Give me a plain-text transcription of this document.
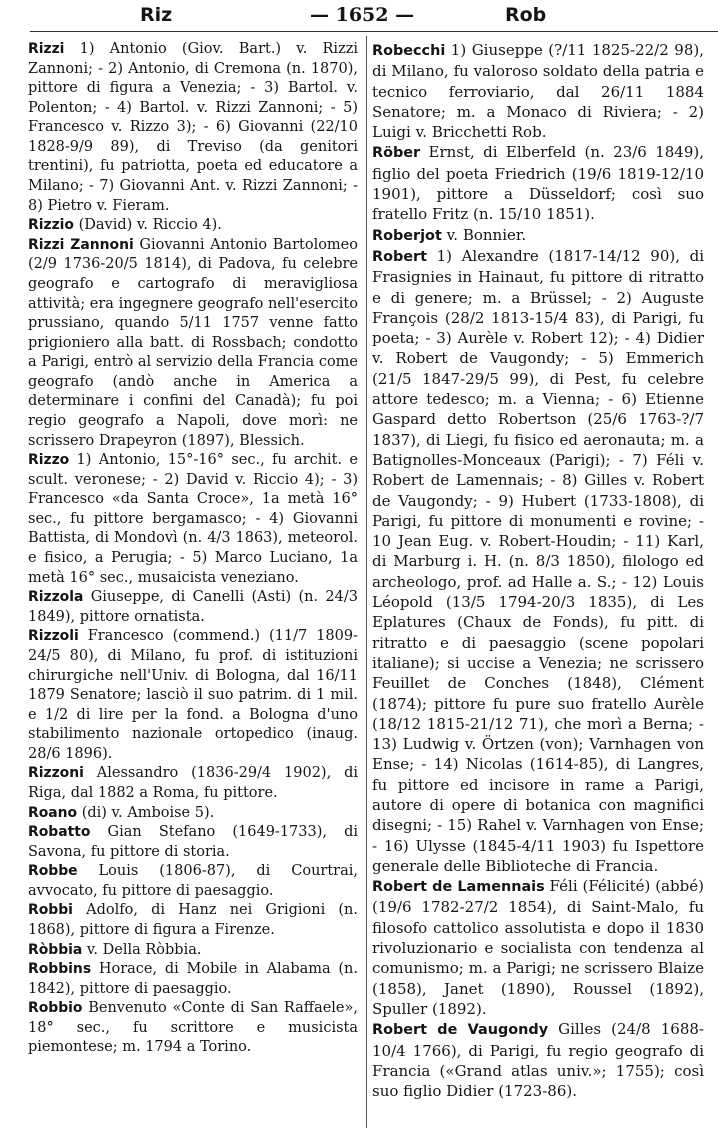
Riz	— 1652 —	Rob

Rizzi 1) Antonio (Giov. Bart.) v. Rizzi Zannoni; - 2) Antonio, di Cremona (n. 1870), pittore di figura a Venezia; - 3) Bartol. v. Polenton; - 4) Bartol. v. Rizzi Zannoni; - 5) Francesco v. Rizzo 3); - 6) Giovanni (22/10 1828-9/9 89), di Treviso (da genitori trentini), fu patriotta, poeta ed educatore a Milano; - 7) Giovanni Ant. v. Rizzi Zannoni; - 8) Pietro v. Fieram.

Rizzio (David) v. Riccio 4).

Rizzi Zannoni Giovanni Antonio Bartolomeo (2/9 1736-20/5 1814), di Padova, fu celebre geografo e cartografo di meravigliosa attività; era ingegnere geografo nell'esercito prussiano, quando 5/11 1757 venne fatto prigioniero alla batt. di Rossbach; condotto a Parigi, entrò al servizio della Francia come geografo (andò anche in America a determinare i confini del Canadà); fu poi regio geografo a Napoli, dove morì: ne scrissero Drapeyron (1897), Blessich.

Rizzo 1) Antonio, 15°-16° sec., fu archit. e scult. veronese; - 2) David v. Riccio 4); - 3) Francesco «da Santa Croce», 1a metà 16° sec., fu pittore bergamasco; - 4) Giovanni Battista, di Mondovì (n. 4/3 1863), meteorol. e fisico, a Perugia; - 5) Marco Luciano, 1a metà 16° sec., musaicista veneziano.

Rizzola Giuseppe, di Canelli (Asti) (n. 24/3 1849), pittore ornatista.

Rizzoli Francesco (commend.) (11/7 1809-24/5 80), di Milano, fu prof. di istituzioni chirurgiche nell'Univ. di Bologna, dal 16/11 1879 Senatore; lasciò il suo patrim. di 1 mil. e 1/2 di lire per la fond. a Bologna d'uno stabilimento nazionale ortopedico (inaug. 28/6 1896).

Rizzoni Alessandro (1836-29/4 1902), di Riga, dal 1882 a Roma, fu pittore.

Roano (di) v. Amboise 5).

Robatto Gian Stefano (1649-1733), di Savona, fu pittore di storia.

Robbe Louis (1806-87), di Courtrai, avvocato, fu pittore di paesaggio.

Robbi Adolfo, di Hanz nei Grigioni (n. 1868), pittore di figura a Firenze.

Ròbbia v. Della Ròbbia.

Robbins Horace, di Mobile in Alabama (n. 1842), pittore di paesaggio.

Robbio Benvenuto «Conte di San Raffaele», 18° sec., fu scrittore e musicista piemontese; m. 1794 a Torino.

Robecchi 1) Giuseppe (?/11 1825-22/2 98), di Milano, fu valoroso soldato della patria e tecnico ferroviario, dal 26/11 1884 Senatore; m. a Monaco di Riviera; - 2) Luigi v. Bricchetti Rob.

Röber Ernst, di Elberfeld (n. 23/6 1849), figlio del poeta Friedrich (19/6 1819-12/10 1901), pittore a Düsseldorf; così suo fratello Fritz (n. 15/10 1851).

Roberjot v. Bonnier.

Robert 1) Alexandre (1817-14/12 90), di Frasignies in Hainaut, fu pittore di ritratto e di genere; m. a Brüssel; - 2) Auguste François (28/2 1813-15/4 83), di Parigi, fu poeta; - 3) Aurèle v. Robert 12); - 4) Didier v. Robert de Vaugondy; - 5) Emmerich (21/5 1847-29/5 99), di Pest, fu celebre attore tedesco; m. a Vienna; - 6) Etienne Gaspard detto Robertson (25/6 1763-?/7 1837), di Liegi, fu fisico ed aeronauta; m. a Batignolles-Monceaux (Parigi); - 7) Féli v. Robert de Lamennais; - 8) Gilles v. Robert de Vaugondy; - 9) Hubert (1733-1808), di Parigi, fu pittore di monumenti e rovine; - 10 Jean Eug. v. Robert-Houdin; - 11) Karl, di Marburg i. H. (n. 8/3 1850), filologo ed archeologo, prof. ad Halle a. S.; - 12) Louis Léopold (13/5 1794-20/3 1835), di Les Eplatures (Chaux de Fonds), fu pitt. di ritratto e di paesaggio (scene popolari italiane); si uccise a Venezia; ne scrissero Feuillet de Conches (1848), Clément (1874); pittore fu pure suo fratello Aurèle (18/12 1815-21/12 71), che morì a Berna; - 13) Ludwig v. Örtzen (von); Varnhagen von Ense; - 14) Nicolas (1614-85), di Langres, fu pittore ed incisore in rame a Parigi, autore di opere di botanica con magnifici disegni; - 15) Rahel v. Varnhagen von Ense; - 16) Ulysse (1845-4/11 1903) fu Ispettore generale delle Biblioteche di Francia.

Robert de Lamennais Féli (Félicité) (abbé) (19/6 1782-27/2 1854), di Saint-Malo, fu filosofo cattolico assolutista e dopo il 1830 rivoluzionario e socialista con tendenza al comunismo; m. a Parigi; ne scrissero Blaize (1858), Janet (1890), Roussel (1892), Spuller (1892).

Robert de Vaugondy Gilles (24/8 1688-10/4 1766), di Parigi, fu regio geografo di Francia («Grand atlas univ.»; 1755); così suo figlio Didier (1723-86).
